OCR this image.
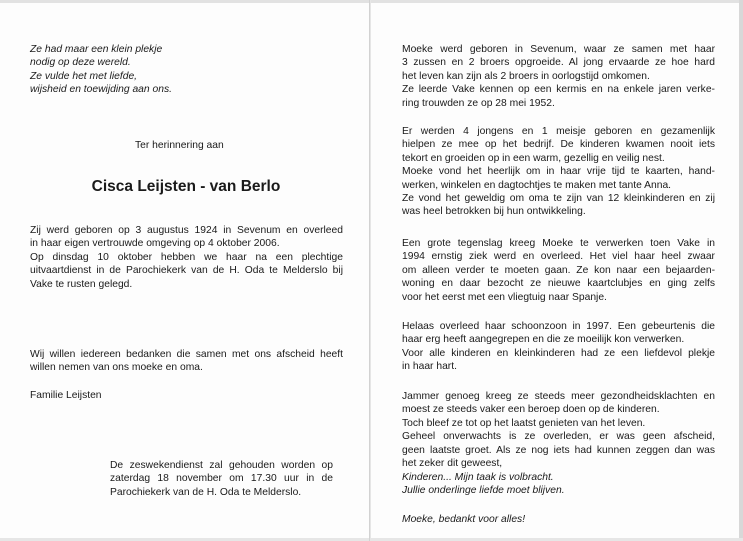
Ze had maar een klein plekje
nodig op deze wereld.
Ze vulde het met liefde,
wijsheid en toewijding aan ons.
Ter herinnering aan
Cisca Leijsten - van Berlo
Zij werd geboren op 3 augustus 1924 in Sevenum en overleed
in haar eigen vertrouwde omgeving op 4 oktober 2006.
Op dinsdag 10 oktober hebben we haar na een plechtige
uitvaartdienst in de Parochiekerk van de H. Oda te Melderslo bij
Vake te rusten gelegd.
Wij willen iedereen bedanken die samen met ons afscheid heeft
willen nemen van ons moeke en oma.
Familie Leijsten
De zeswekendienst zal gehouden worden op
zaterdag 18 november om 17.30 uur in de
Parochiekerk van de H. Oda te Melderslo.
Moeke werd geboren in Sevenum, waar ze samen met haar
3 zussen en 2 broers opgroeide. Al jong ervaarde ze hoe hard
het leven kan zijn als 2 broers in oorlogstijd omkomen.
Ze leerde Vake kennen op een kermis en na enkele jaren verke-
ring trouwden ze op 28 mei 1952.
Er werden 4 jongens en 1 meisje geboren en gezamenlijk
hielpen ze mee op het bedrijf. De kinderen kwamen nooit iets
tekort en groeiden op in een warm, gezellig en veilig nest.
Moeke vond het heerlijk om in haar vrije tijd te kaarten, hand-
werken, winkelen en dagtochtjes te maken met tante Anna.
Ze vond het geweldig om oma te zijn van 12 kleinkinderen en zij
was heel betrokken bij hun ontwikkeling.
Een grote tegenslag kreeg Moeke te verwerken toen Vake in
1994 ernstig ziek werd en overleed. Het viel haar heel zwaar
om alleen verder te moeten gaan. Ze kon naar een bejaarden-
woning en daar bezocht ze nieuwe kaartclubjes en ging zelfs
voor het eerst met een vliegtuig naar Spanje.
Helaas overleed haar schoonzoon in 1997. Een gebeurtenis die
haar erg heeft aangegrepen en die ze moeilijk kon verwerken.
Voor alle kinderen en kleinkinderen had ze een liefdevol plekje
in haar hart.
Jammer genoeg kreeg ze steeds meer gezondheidsklachten en
moest ze steeds vaker een beroep doen op de kinderen.
Toch bleef ze tot op het laatst genieten van het leven.
Geheel onverwachts is ze overleden, er was geen afscheid,
geen laatste groet. Als ze nog iets had kunnen zeggen dan was
het zeker dit geweest,
Kinderen... Mijn taak is volbracht.
Jullie onderlinge liefde moet blijven.
Moeke, bedankt voor alles!
